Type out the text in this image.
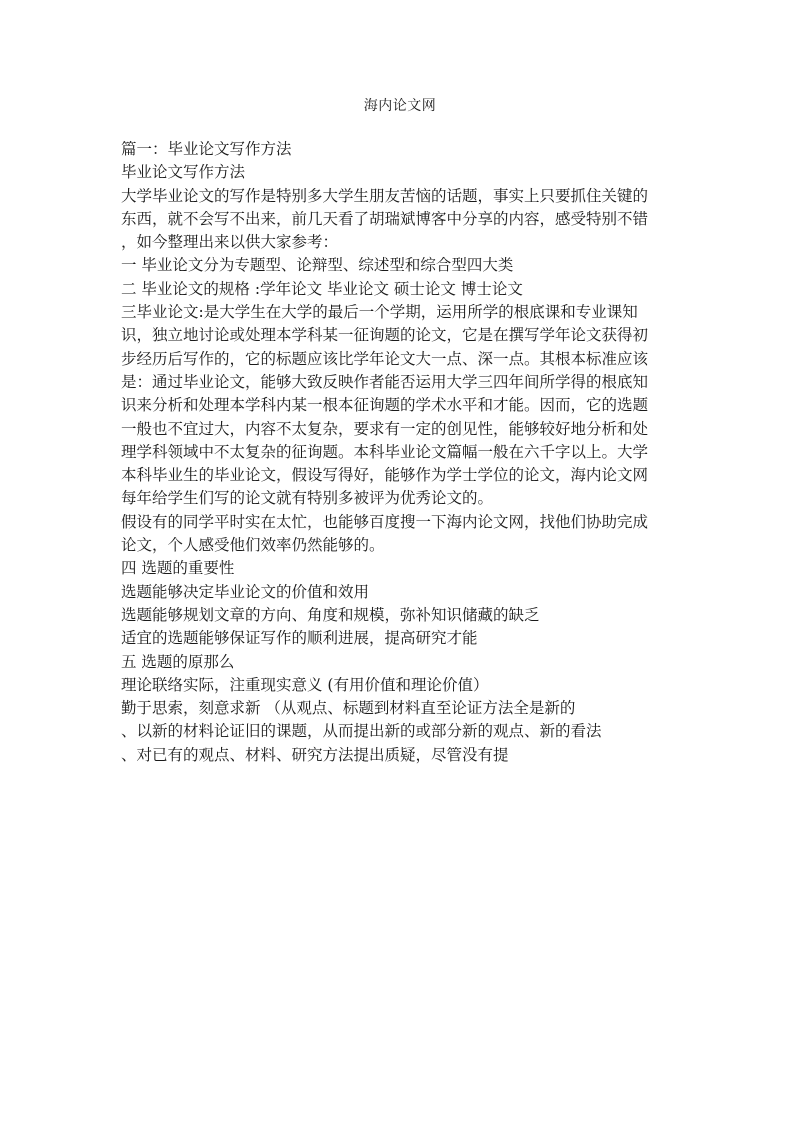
海内论文网
篇一：毕业论文写作方法
毕业论文写作方法
大学毕业论文的写作是特别多大学生朋友苦恼的话题，事实上只要抓住关键的
东西，就不会写不出来，前几天看了胡瑞斌博客中分享的内容，感受特别不错
，如今整理出来以供大家参考：
一 毕业论文分为专题型、论辩型、综述型和综合型四大类
二 毕业论文的规格 :学年论文 毕业论文 硕士论文 博士论文
三毕业论文:是大学生在大学的最后一个学期，运用所学的根底课和专业课知
识，独立地讨论或处理本学科某一征询题的论文，它是在撰写学年论文获得初
步经历后写作的，它的标题应该比学年论文大一点、深一点。其根本标准应该
是：通过毕业论文，能够大致反映作者能否运用大学三四年间所学得的根底知
识来分析和处理本学科内某一根本征询题的学术水平和才能。因而，它的选题
一般也不宜过大，内容不太复杂，要求有一定的创见性，能够较好地分析和处
理学科领域中不太复杂的征询题。本科毕业论文篇幅一般在六千字以上。大学
本科毕业生的毕业论文，假设写得好，能够作为学士学位的论文，海内论文网
每年给学生们写的论文就有特别多被评为优秀论文的。
假设有的同学平时实在太忙，也能够百度搜一下海内论文网，找他们协助完成
论文，个人感受他们效率仍然能够的。
四 选题的重要性
选题能够决定毕业论文的价值和效用
选题能够规划文章的方向、角度和规模，弥补知识储藏的缺乏
适宜的选题能够保证写作的顺利进展，提高研究才能
五 选题的原那么
理论联络实际，注重现实意义 (有用价值和理论价值）
勤于思索，刻意求新 （从观点、标题到材料直至论证方法全是新的
、以新的材料论证旧的课题，从而提出新的或部分新的观点、新的看法
、对已有的观点、材料、研究方法提出质疑，尽管没有提
